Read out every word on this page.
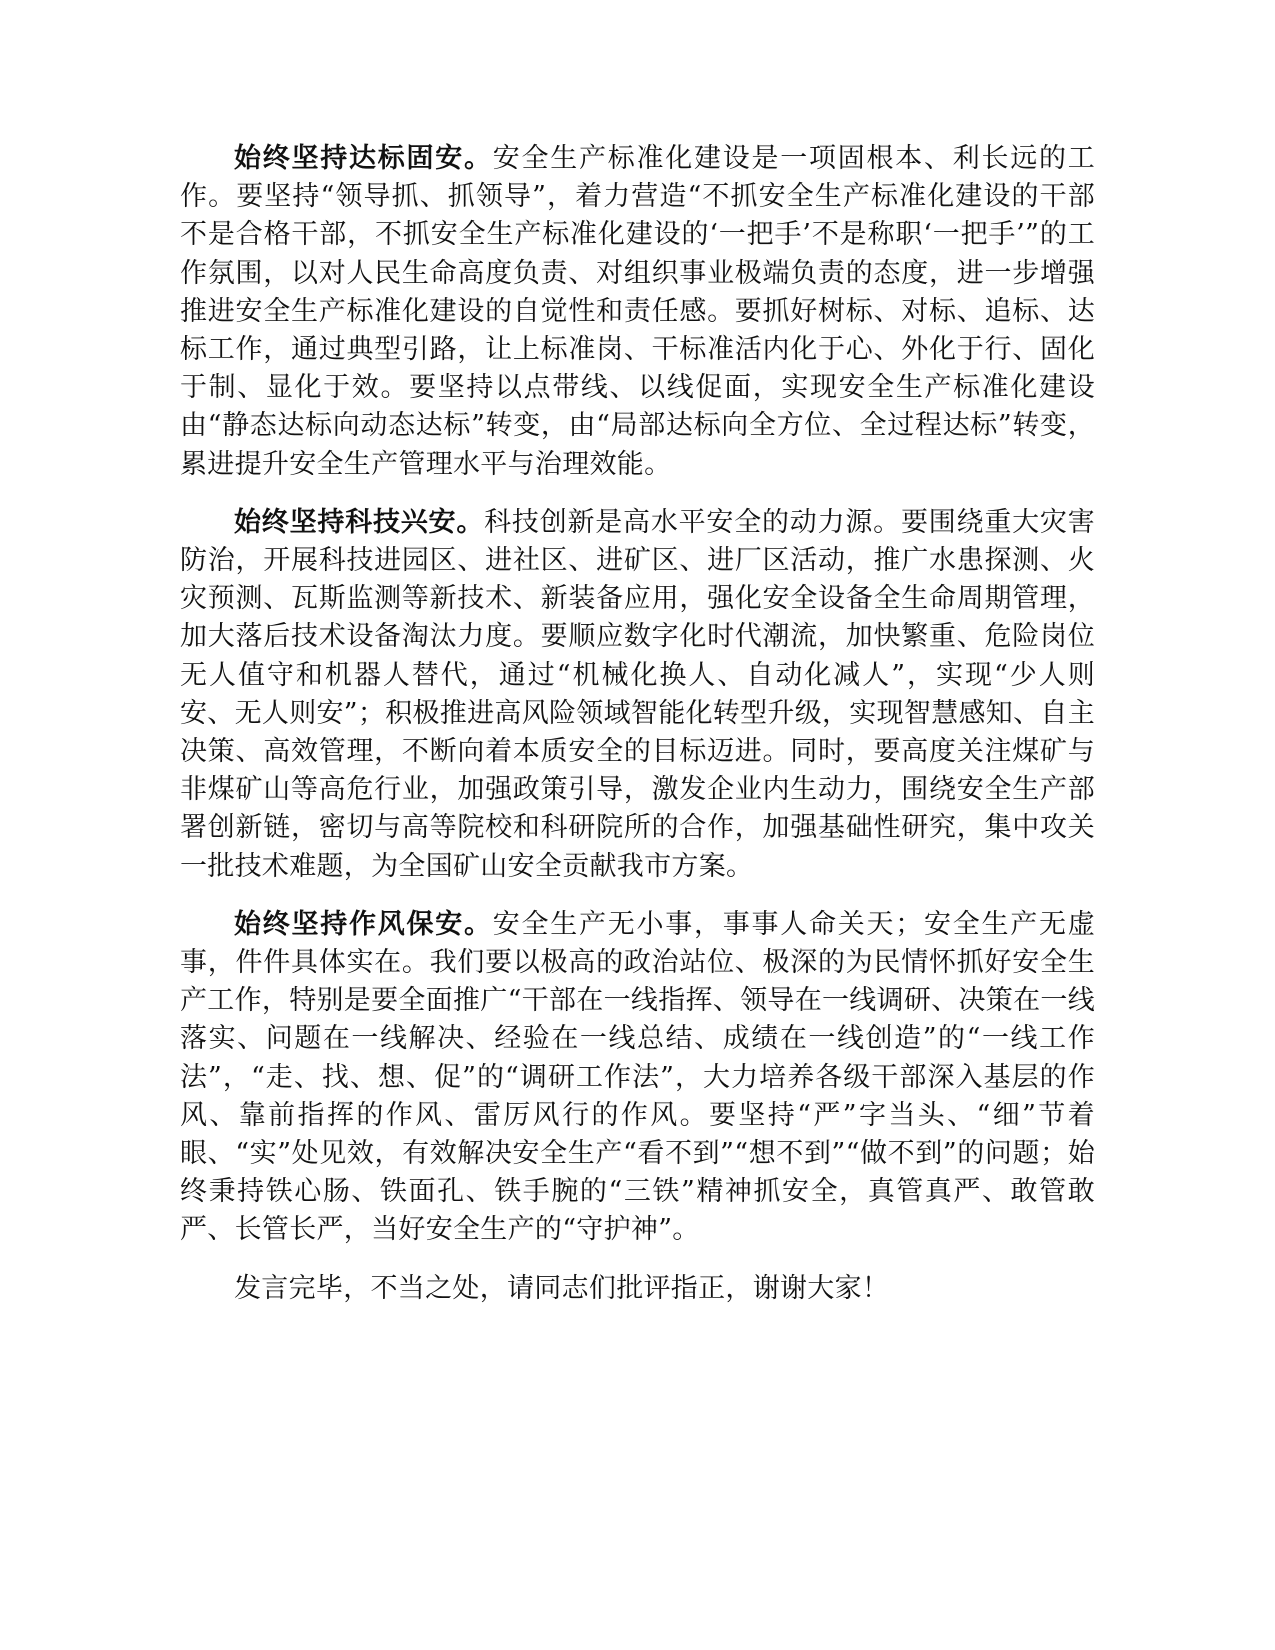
始终坚持达标固安。安全生产标准化建设是一项固根本、利长远的工作。要坚持“领导抓、抓领导”，着力营造“不抓安全生产标准化建设的干部不是合格干部，不抓安全生产标准化建设的‘一把手’不是称职‘一把手’”的工作氛围，以对人民生命高度负责、对组织事业极端负责的态度，进一步增强推进安全生产标准化建设的自觉性和责任感。要抓好树标、对标、追标、达标工作，通过典型引路，让上标准岗、干标准活内化于心、外化于行、固化于制、显化于效。要坚持以点带线、以线促面，实现安全生产标准化建设由“静态达标向动态达标”转变，由“局部达标向全方位、全过程达标”转变，累进提升安全生产管理水平与治理效能。

始终坚持科技兴安。科技创新是高水平安全的动力源。要围绕重大灾害防治，开展科技进园区、进社区、进矿区、进厂区活动，推广水患探测、火灾预测、瓦斯监测等新技术、新装备应用，强化安全设备全生命周期管理，加大落后技术设备淘汰力度。要顺应数字化时代潮流，加快繁重、危险岗位无人值守和机器人替代，通过“机械化换人、自动化减人”，实现“少人则安、无人则安”；积极推进高风险领域智能化转型升级，实现智慧感知、自主决策、高效管理，不断向着本质安全的目标迈进。同时，要高度关注煤矿与非煤矿山等高危行业，加强政策引导，激发企业内生动力，围绕安全生产部署创新链，密切与高等院校和科研院所的合作，加强基础性研究，集中攻关一批技术难题，为全国矿山安全贡献我市方案。

始终坚持作风保安。安全生产无小事，事事人命关天；安全生产无虚事，件件具体实在。我们要以极高的政治站位、极深的为民情怀抓好安全生产工作，特别是要全面推广“干部在一线指挥、领导在一线调研、决策在一线落实、问题在一线解决、经验在一线总结、成绩在一线创造”的“一线工作法”，“走、找、想、促”的“调研工作法”，大力培养各级干部深入基层的作风、靠前指挥的作风、雷厉风行的作风。要坚持“严”字当头、“细”节着眼、“实”处见效，有效解决安全生产“看不到”“想不到”“做不到”的问题；始终秉持铁心肠、铁面孔、铁手腕的“三铁”精神抓安全，真管真严、敢管敢严、长管长严，当好安全生产的“守护神”。

发言完毕，不当之处，请同志们批评指正，谢谢大家！
